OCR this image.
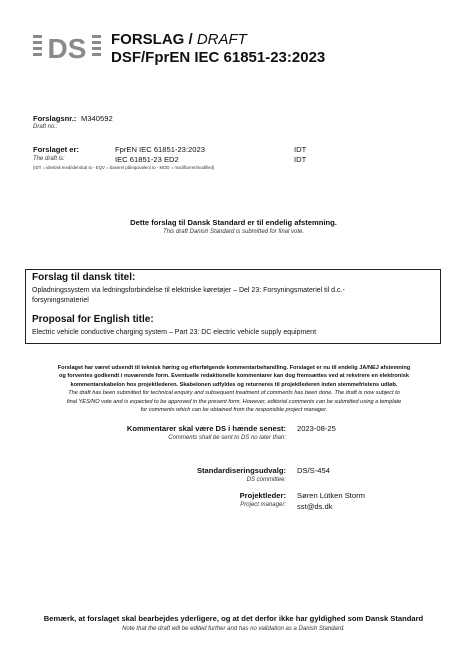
DS FORSLAG / DRAFT
DSF/FprEN IEC 61851-23:2023
Forslagsnr.: M340592
Draft no.:
Forslaget er:	FprEN IEC 61851-23:2023	IDT
The draft is:	IEC 61851-23 ED2	IDT
(IDT = identisk med/identical to - EQV = baseret på/equivalent to - MOD = modificeret/modified)
Dette forslag til Dansk Standard er til endelig afstemning.
This draft Danish Standard is submitted for final vote.
Forslag til dansk titel:
Opladningssystem via ledningsforbindelse til elektriske køretøjer – Del 23: Forsyningsmateriel til d.c.-
forsyningsmateriel
Proposal for English title:
Electric vehicle conductive charging system – Part 23: DC electric vehicle supply equipment
Forslaget har været udsendt til teknisk høring og efterfølgende kommentarbehandling. Forslaget er nu til endelig JA/NEJ afstemning
og forventes godkendt i nuværende form. Eventuelle redaktionelle kommentarer kan dog fremsættes ved at rekvirere en elektronisk
kommentarskabelon hos projektlederen. Skabelonen udfyldes og returneres til projektlederen inden stemmefristens udløb.
The draft has been submitted for technical enquiry and subsequent treatment of comments has been done. The draft is now subject to
final YES/NO vote and is expected to be approved in the present form. However, editorial comments can be submitted using a template
for comments which can be obtained from the responsible project manager.
Kommentarer skal være DS i hænde senest: 2023-08-25
Comments shall be sent to DS no later than:
Standardiseringsudvalg: DS/S-454
DS committee:
Projektleder: Søren Lütken Storm
Project manager: sst@ds.dk
Bemærk, at forslaget skal bearbejdes yderligere, og at det derfor ikke har gyldighed som Dansk Standard
Note that the draft will be edited further and has no validation as a Danish Standard.
